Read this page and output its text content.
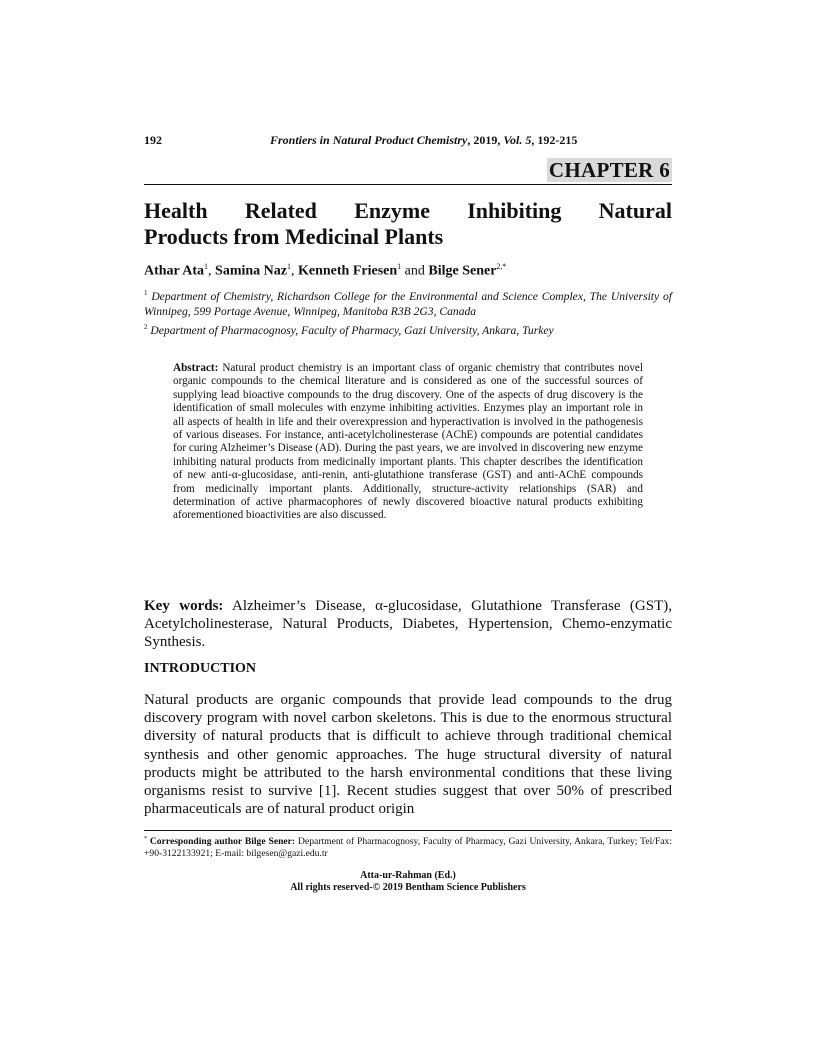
192	Frontiers in Natural Product Chemistry, 2019, Vol. 5, 192-215
CHAPTER 6
Health Related Enzyme Inhibiting Natural
Products from Medicinal Plants
Athar Ata$^1$, Samina Naz$^1$, Kenneth Friesen$^1$ and Bilge Sener$^{2,*}$
$^1$ Department of Chemistry, Richardson College for the Environmental and Science Complex, The University of Winnipeg, 599 Portage Avenue, Winnipeg, Manitoba R3B 2G3, Canada
$^2$ Department of Pharmacognosy, Faculty of Pharmacy, Gazi University, Ankara, Turkey
Abstract: Natural product chemistry is an important class of organic chemistry that contributes novel organic compounds to the chemical literature and is considered as one of the successful sources of supplying lead bioactive compounds to the drug discovery. One of the aspects of drug discovery is the identification of small molecules with enzyme inhibiting activities. Enzymes play an important role in all aspects of health in life and their overexpression and hyperactivation is involved in the pathogenesis of various diseases. For instance, anti-acetylcholinesterase (AChE) compounds are potential candidates for curing Alzheimer’s Disease (AD). During the past years, we are involved in discovering new enzyme inhibiting natural products from medicinally important plants. This chapter describes the identification of new anti-α-glucosidase, anti-renin, anti-glutathione transferase (GST) and anti-AChE compounds from medicinally important plants. Additionally, structure-activity relationships (SAR) and determination of active pharmacophores of newly discovered bioactive natural products exhibiting aforementioned bioactivities are also discussed.
Key words: Alzheimer’s Disease, α-glucosidase, Glutathione Transferase (GST), Acetylcholinesterase, Natural Products, Diabetes, Hypertension, Chemo-enzymatic Synthesis.
INTRODUCTION
Natural products are organic compounds that provide lead compounds to the drug discovery program with novel carbon skeletons. This is due to the enormous structural diversity of natural products that is difficult to achieve through traditional chemical synthesis and other genomic approaches. The huge structural diversity of natural products might be attributed to the harsh environmental conditions that these living organisms resist to survive [1]. Recent studies suggest that over 50% of prescribed pharmaceuticals are of natural product origin
* Corresponding author Bilge Sener: Department of Pharmacognosy, Faculty of Pharmacy, Gazi University, Ankara, Turkey; Tel/Fax: +90-3122133921; E-mail: bilgesen@gazi.edu.tr
Atta-ur-Rahman (Ed.)
All rights reserved-© 2019 Bentham Science Publishers
